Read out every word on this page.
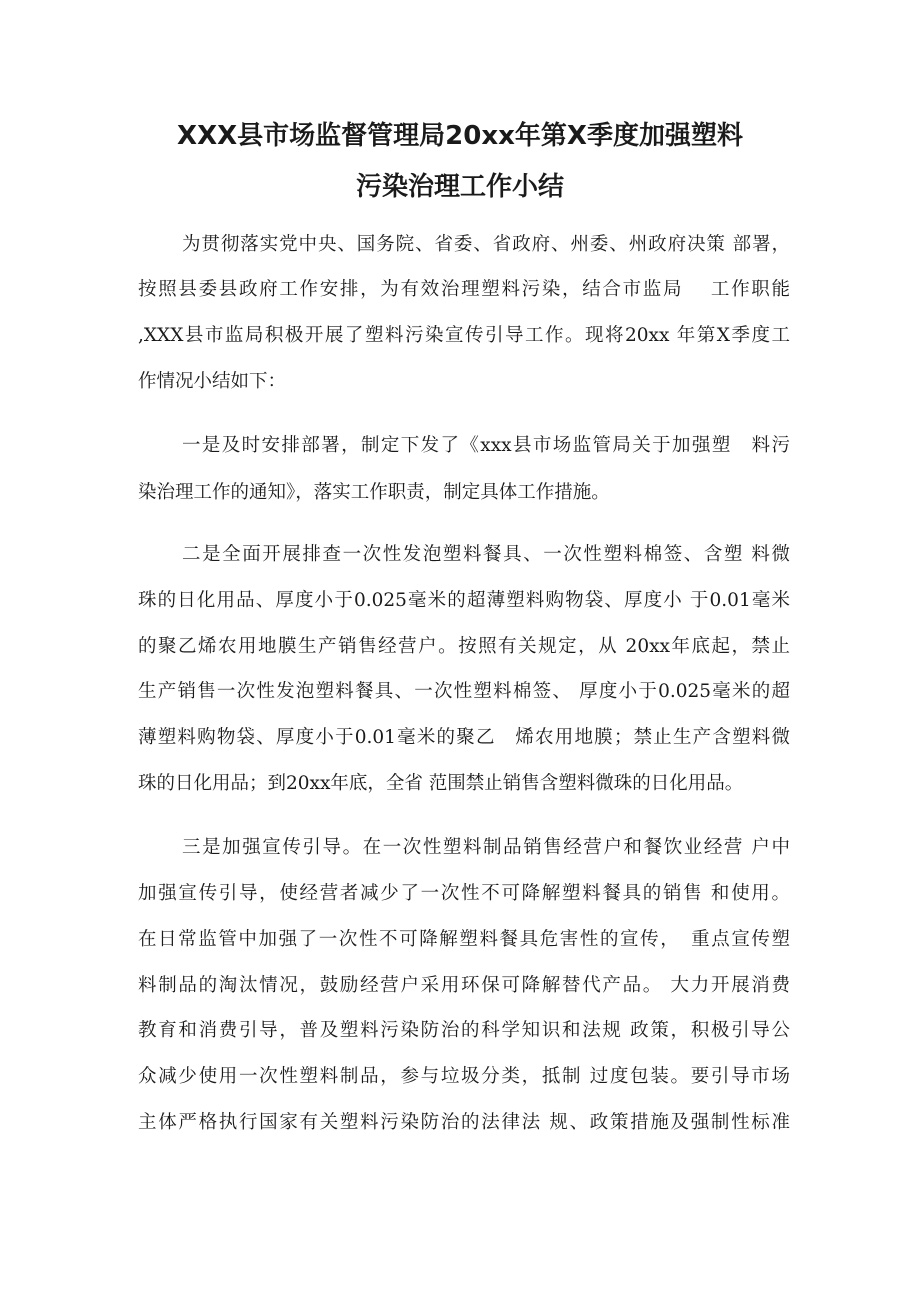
XXX县市场监督管理局20xx年第X季度加强塑料
污染治理工作小结
为贯彻落实党中央、国务院、省委、省政府、州委、州政府决策 部署，
按照县委县政府工作安排，为有效治理塑料污染，结合市监局　 工作职能
,XXX县市监局积极开展了塑料污染宣传引导工作。现将20xx 年第X季度工
作情况小结如下：
一是及时安排部署，制定下发了《xxx县市场监管局关于加强塑　料污
染治理工作的通知》，落实工作职责，制定具体工作措施。
二是全面开展排查一次性发泡塑料餐具、一次性塑料棉签、含塑 料微
珠的日化用品、厚度小于0.025毫米的超薄塑料购物袋、厚度小 于0.01毫米
的聚乙烯农用地膜生产销售经营户。按照有关规定，从 20xx年底起，禁止
生产销售一次性发泡塑料餐具、一次性塑料棉签、 厚度小于0.025毫米的超
薄塑料购物袋、厚度小于0.01毫米的聚乙　烯农用地膜；禁止生产含塑料微
珠的日化用品；到20xx年底，全省 范围禁止销售含塑料微珠的日化用品。
三是加强宣传引导。在一次性塑料制品销售经营户和餐饮业经营 户中
加强宣传引导，使经营者减少了一次性不可降解塑料餐具的销售 和使用。
在日常监管中加强了一次性不可降解塑料餐具危害性的宣传，　重点宣传塑
料制品的淘汰情况，鼓励经营户采用环保可降解替代产品。 大力开展消费
教育和消费引导，普及塑料污染防治的科学知识和法规 政策，积极引导公
众减少使用一次性塑料制品，参与垃圾分类，抵制 过度包装。要引导市场
主体严格执行国家有关塑料污染防治的法律法 规、政策措施及强制性标准
